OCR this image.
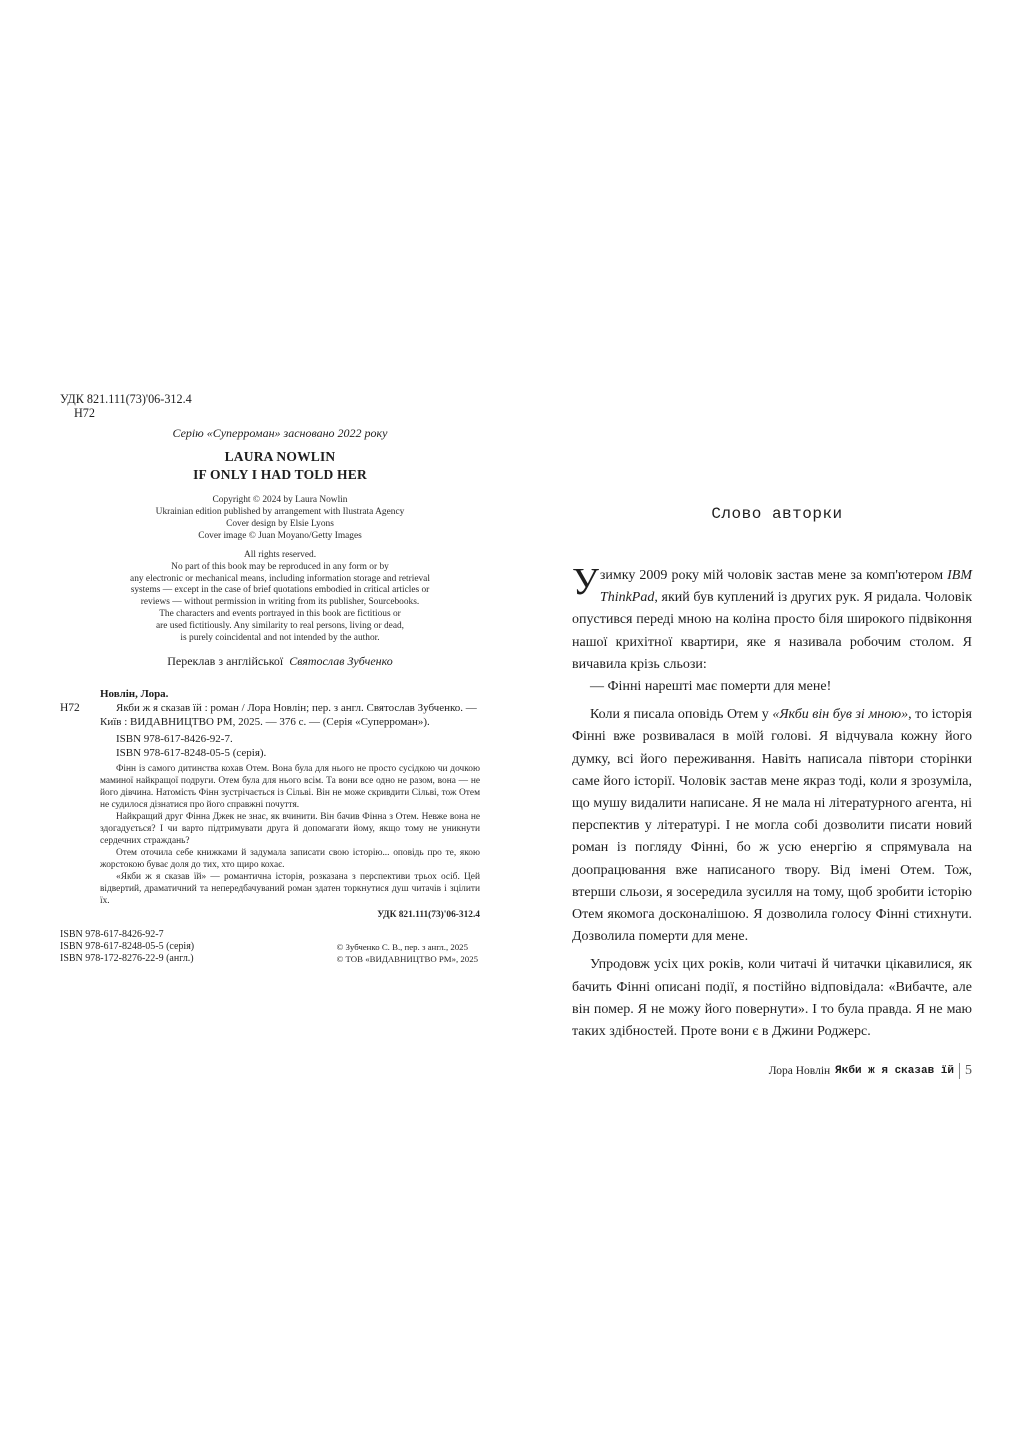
УДК 821.111(73)'06-312.4
Н72
Серію «Суперроман» засновано 2022 року
LAURA NOWLIN
IF ONLY I HAD TOLD HER
Copyright © 2024 by Laura Nowlin
Ukrainian edition published by arrangement with Ilustrata Agency
Cover design by Elsie Lyons
Cover image © Juan Moyano/Getty Images
All rights reserved.
No part of this book may be reproduced in any form or by
any electronic or mechanical means, including information storage and retrieval
systems — except in the case of brief quotations embodied in critical articles or
reviews — without permission in writing from its publisher, Sourcebooks.
The characters and events portrayed in this book are fictitious or
are used fictitiously. Any similarity to real persons, living or dead,
is purely coincidental and not intended by the author.
Переклав з англійської Святослав Зубченко
Новлін, Лора.
Н72	Якби ж я сказав їй : роман / Лора Новлін; пер. з англ. Святослав Зубченко. — Київ : ВИДАВНИЦТВО РМ, 2025. — 376 с. — (Серія «Суперроман»).

ISBN 978-617-8426-92-7.
ISBN 978-617-8248-05-5 (серія).

Фінн із самого дитинства кохав Отем. Вона була для нього не просто сусідкою чи дочкою маминої найкращої подруги. Отем була для нього всім. Та вони все одно не разом, вона — не його дівчина. Натомість Фінн зустрічається із Сільві. Він не може скривдити Сільві, тож Отем не судилося дізнатися про його справжні почуття.

Найкращий друг Фінна Джек не знає, як вчинити. Він бачив Фінна з Отем. Невже вона не здогадується? І чи варто підтримувати друга й допомагати йому, якщо тому не уникнути сердечних страждань?

Отем оточила себе книжками й задумала записати свою історію... оповідь про те, якою жорстокою буває доля до тих, хто щиро кохає.

«Якби ж я сказав їй» — романтична історія, розказана з перспективи трьох осіб. Цей відвертий, драматичний та непередбачуваний роман здатен торкнутися душ читачів і зцілити їх.

УДК 821.111(73)'06-312.4
ISBN 978-617-8426-92-7
ISBN 978-617-8248-05-5 (серія)
ISBN 978-172-8276-22-9 (англ.)
© Зубченко С. В., пер. з англ., 2025
© ТОВ «ВИДАВНИЦТВО РМ», 2025
Слово авторки

Узимку 2009 року мій чоловік застав мене за комп'ютером IBM ThinkPad, який був куплений із других рук. Я ридала. Чоловік опустився переді мною на коліна просто біля широкого підвіконня нашої крихітної квартири, яке я називала робочим столом. Я вичавила крізь сльози:

— Фінні нарешті має померти для мене!

Коли я писала оповідь Отем у «Якби він був зі мною», то історія Фінні вже розвивалася в моїй голові. Я відчувала кожну його думку, всі його переживання. Навіть написала півтори сторінки саме його історії. Чоловік застав мене якраз тоді, коли я зрозуміла, що мушу видалити написане. Я не мала ні літературного агента, ні перспектив у літературі. І не могла собі дозволити писати новий роман із погляду Фінні, бо ж усю енергію я спрямувала на доопрацювання вже написаного твору. Від імені Отем. Тож, втерши сльози, я зосередила зусилля на тому, щоб зробити історію Отем якомога досконалішою. Я дозволила голосу Фінні стихнути. Дозволила померти для мене.

Упродовж усіх цих років, коли читачі й читачки цікавилися, як бачить Фінні описані події, я постійно відповідала: «Вибачте, але він помер. Я не можу його повернути». І то була правда. Я не маю таких здібностей. Проте вони є в Джини Роджерс.

Лора Новлін Якби ж я сказав їй 5
